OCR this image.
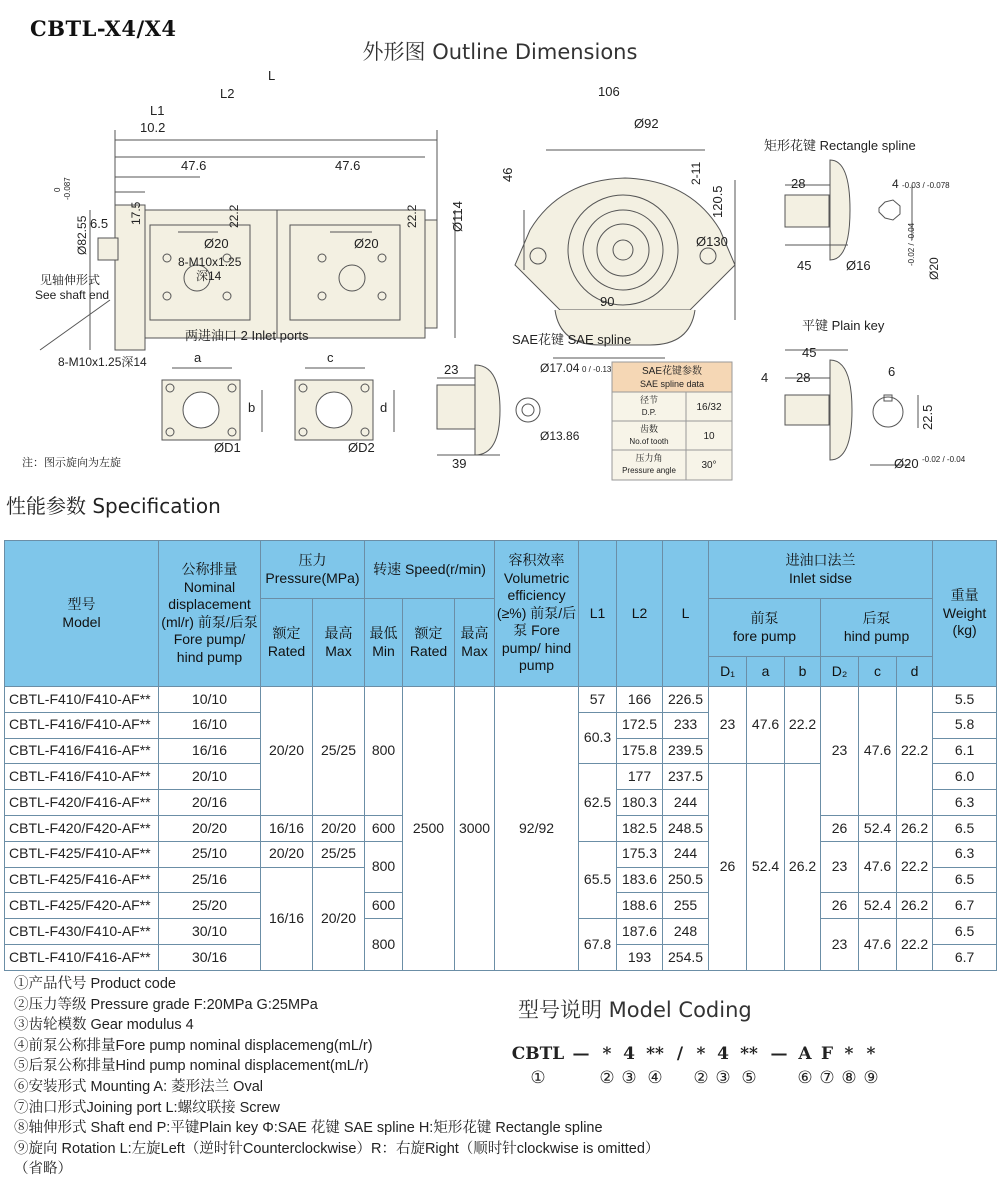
CBTL-X4/X4
外形图 Outline Dimensions
L
L2
L1
10.2
47.6	47.6
Ø82.55
0 -0.087
6.5 17.5	22.2	22.2
Ø20	Ø20
Ø114
8-M10x1.25
深14
见轴伸形式
See shaft end
106
Ø92
46	2-11
120.5
Ø130
90
矩形花键 Rectangle spline
28
45
4 -0.03 / -0.078
Ø16	Ø20
-0.02 / -0.04
两进油口 2 Inlet ports
8-M10x1.25深14	a	c
b	d
ØD1	ØD2
注：图示旋向为左旋
SAE花键 SAE spline
23
39
Ø17.04 0 / -0.13
Ø13.86
SAE花键参数
SAE spline data
径节
D.P.	16/32
齿数
No.of tooth	10
压力角
Pressure angle	30°
平键 Plain key
45
28
4	6
22.5
Ø20 -0.02 / -0.04
性能参数 Specification
型号
Model	公称排量 Nominal displacement (ml/r) 前泵/后泵 Fore pump/ hind pump	压力 Pressure(MPa)		转速 Speed(r/min)			容积效率 Volumetric efficiency (≥%) 前泵/后泵 Fore pump/ hind pump	L1	L2	L	进油口法兰
Inlet sidse						重量 Weight (kg)
		额定
Rated	最高
Max	最低
Min	额定
Rated	最高
Max					前泵
fore pump			后泵
hind pump			
											D₁	a	b	D₂	c	d	
CBTL-F410/F410-AF**	10/10	20/20	25/25	800	2500	3000	92/92	57	166	226.5	23	47.6	22.2	23	47.6	22.2	5.5
CBTL-F416/F410-AF**	16/10							60.3	172.5	233							5.8
CBTL-F416/F416-AF**	16/16								175.8	239.5							6.1
CBTL-F416/F410-AF**	20/10							62.5	177	237.5	26	52.4	26.2				6.0
CBTL-F420/F416-AF**	20/16								180.3	244							6.3
CBTL-F420/F420-AF**	20/20	16/16	20/20	600					182.5	248.5				26	52.4	26.2	6.5
CBTL-F425/F410-AF**	25/10	20/20	25/25	800				65.5	175.3	244				23	47.6	22.2	6.3
CBTL-F425/F416-AF**	25/16	16/16	20/20						183.6	250.5							6.5
CBTL-F425/F420-AF**	25/20			600					188.6	255				26	52.4	26.2	6.7
CBTL-F430/F410-AF**	30/10			800				67.8	187.6	248				23	47.6	22.2	6.5
CBTL-F410/F416-AF**	30/16								193	254.5							6.7
①产品代号 Product code
②压力等级 Pressure grade F:20MPa G:25MPa
③齿轮模数 Gear modulus 4
④前泵公称排量Fore pump nominal displacemeng(mL/r)
⑤后泵公称排量Hind pump nominal displacement(mL/r)
⑥安装形式 Mounting A: 菱形法兰 Oval
⑦油口形式Joining port L:螺纹联接 Screw
⑧轴伸形式 Shaft end P:平键Plain key Φ:SAE 花键 SAE spline H:矩形花键 Rectangle spline
⑨旋向 Rotation L:左旋Left（逆时针Counterclockwise）R：右旋Right（顺时针clockwise is omitted）（省略）
型号说明 Model Coding
CBTL — * 4 ** / * 4 ** — A F * *
①	② ③ ④ ② ③ ⑤ ⑥ ⑦ ⑧ ⑨
